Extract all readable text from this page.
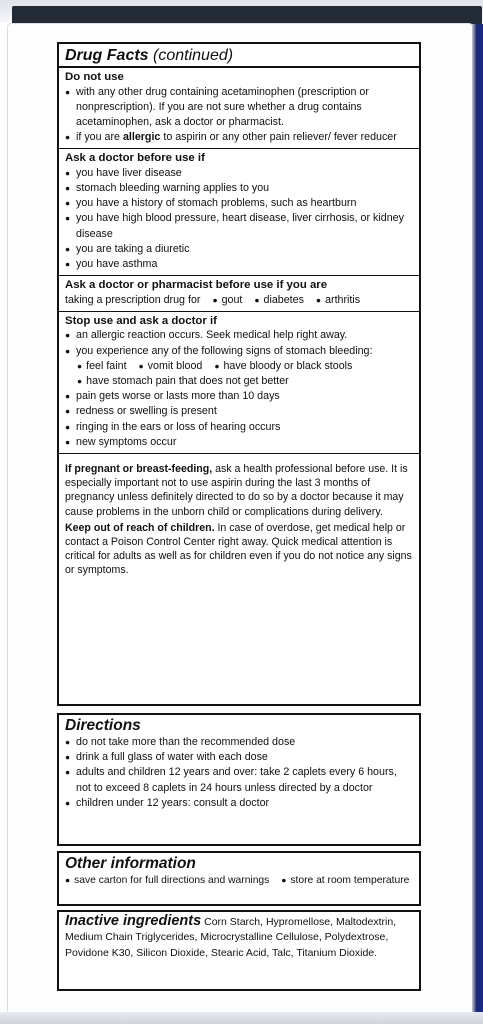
Drug Facts (continued)
Do not use
● with any other drug containing acetaminophen (prescription or nonprescription). If you are not sure whether a drug contains acetaminophen, ask a doctor or pharmacist.
● if you are allergic to aspirin or any other pain reliever/ fever reducer
Ask a doctor before use if
● you have liver disease
● stomach bleeding warning applies to you
● you have a history of stomach problems, such as heartburn
● you have high blood pressure, heart disease, liver cirrhosis, or kidney disease
● you are taking a diuretic
● you have asthma
Ask a doctor or pharmacist before use if you are
taking a prescription drug for ● gout ● diabetes ● arthritis
Stop use and ask a doctor if
● an allergic reaction occurs. Seek medical help right away.
● you experience any of the following signs of stomach bleeding:
● feel faint ● vomit blood ● have bloody or black stools
● have stomach pain that does not get better
● pain gets worse or lasts more than 10 days
● redness or swelling is present
● ringing in the ears or loss of hearing occurs
● new symptoms occur
If pregnant or breast-feeding, ask a health professional before use. It is especially important not to use aspirin during the last 3 months of pregnancy unless definitely directed to do so by a doctor because it may cause problems in the unborn child or complications during delivery.
Keep out of reach of children. In case of overdose, get medical help or contact a Poison Control Center right away. Quick medical attention is critical for adults as well as for children even if you do not notice any signs or symptoms.
Directions
● do not take more than the recommended dose
● drink a full glass of water with each dose
● adults and children 12 years and over: take 2 caplets every 6 hours, not to exceed 8 caplets in 24 hours unless directed by a doctor
● children under 12 years: consult a doctor
Other information
● save carton for full directions and warnings ● store at room temperature
Inactive ingredients Corn Starch, Hypromellose, Maltodextrin, Medium Chain Triglycerides, Microcrystalline Cellulose, Polydextrose, Povidone K30, Silicon Dioxide, Stearic Acid, Talc, Titanium Dioxide.
